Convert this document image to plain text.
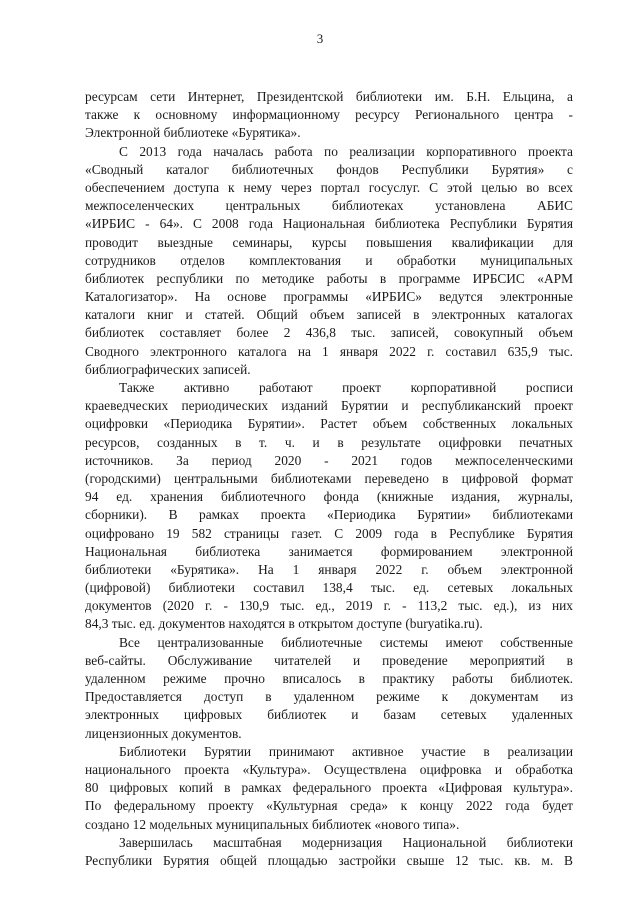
3
ресурсам сети Интернет, Президентской библиотеки им. Б.Н. Ельцина, а
также к основному информационному ресурсу Регионального центра -
Электронной библиотеке «Бурятика».
С 2013 года началась работа по реализации корпоративного проекта
«Сводный каталог библиотечных фондов Республики Бурятия» с
обеспечением доступа к нему через портал госуслуг. С этой целью во всех
межпоселенческих центральных библиотеках установлена АБИС
«ИРБИС - 64». С 2008 года Национальная библиотека Республики Бурятия
проводит выездные семинары, курсы повышения квалификации для
сотрудников отделов комплектования и обработки муниципальных
библиотек республики по методике работы в программе ИРБСИС «АРМ
Каталогизатор». На основе программы «ИРБИС» ведутся электронные
каталоги книг и статей. Общий объем записей в электронных каталогах
библиотек составляет более 2 436,8 тыс. записей, совокупный объем
Сводного электронного каталога на 1 января 2022 г. составил 635,9 тыс.
библиографических записей.
Также активно работают проект корпоративной росписи
краеведческих периодических изданий Бурятии и республиканский проект
оцифровки «Периодика Бурятии». Растет объем собственных локальных
ресурсов, созданных в т. ч. и в результате оцифровки печатных
источников. За период 2020 - 2021 годов межпоселенческими
(городскими) центральными библиотеками переведено в цифровой формат
94 ед. хранения библиотечного фонда (книжные издания, журналы,
сборники). В рамках проекта «Периодика Бурятии» библиотеками
оцифровано 19 582 страницы газет. С 2009 года в Республике Бурятия
Национальная библиотека занимается формированием электронной
библиотеки «Бурятика». На 1 января 2022 г. объем электронной
(цифровой) библиотеки составил 138,4 тыс. ед. сетевых локальных
документов (2020 г. - 130,9 тыс. ед., 2019 г. - 113,2 тыс. ед.), из них
84,3 тыс. ед. документов находятся в открытом доступе (buryatika.ru).
Все централизованные библиотечные системы имеют собственные
веб-сайты. Обслуживание читателей и проведение мероприятий в
удаленном режиме прочно вписалось в практику работы библиотек.
Предоставляется доступ в удаленном режиме к документам из
электронных цифровых библиотек и базам сетевых удаленных
лицензионных документов.
Библиотеки Бурятии принимают активное участие в реализации
национального проекта «Культура». Осуществлена оцифровка и обработка
80 цифровых копий в рамках федерального проекта «Цифровая культура».
По федеральному проекту «Культурная среда» к концу 2022 года будет
создано 12 модельных муниципальных библиотек «нового типа».
Завершилась масштабная модернизация Национальной библиотеки
Республики Бурятия общей площадью застройки свыше 12 тыс. кв. м. В
